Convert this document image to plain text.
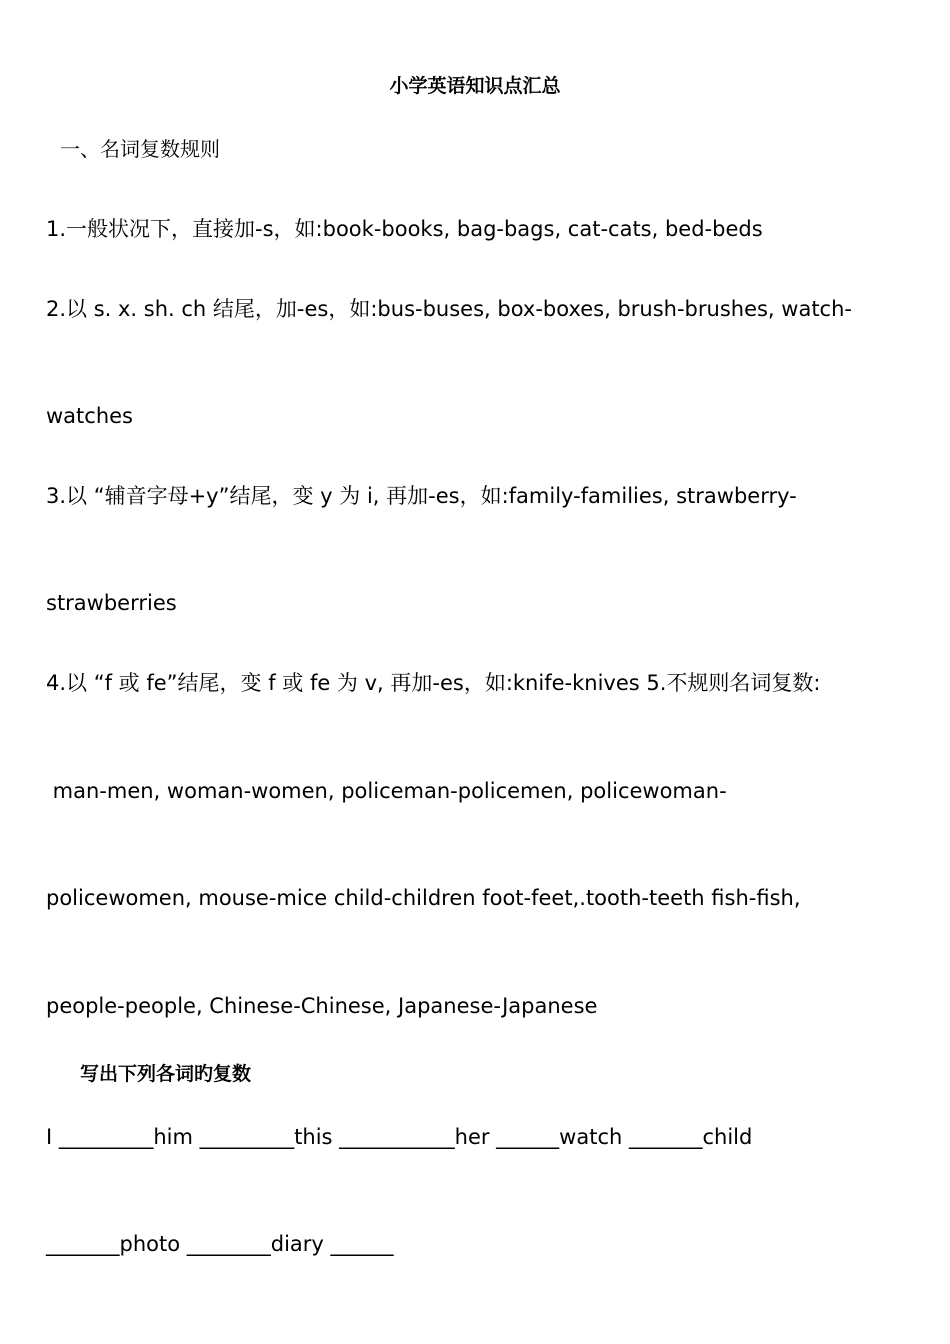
小学英语知识点汇总

一、名词复数规则

1.一般状况下，直接加-s，如:book-books, bag-bags, cat-cats, bed-beds

2.以 s. x. sh. ch 结尾，加-es，如:bus-buses, box-boxes, brush-brushes, watch-

watches

3.以 “辅音字母+y”结尾，变 y 为 i, 再加-es，如:family-families, strawberry-

strawberries

4.以 “f 或 fe”结尾，变 f 或 fe 为 v, 再加-es，如:knife-knives 5.不规则名词复数:

man-men, woman-women, policeman-policemen, policewoman-

policewomen, mouse-mice child-children foot-feet,.tooth-teeth fish-fish,

people-people, Chinese-Chinese, Japanese-Japanese

写出下列各词旳复数

I _________him _________this ___________her ______watch _______child

_______photo ________diary ______
